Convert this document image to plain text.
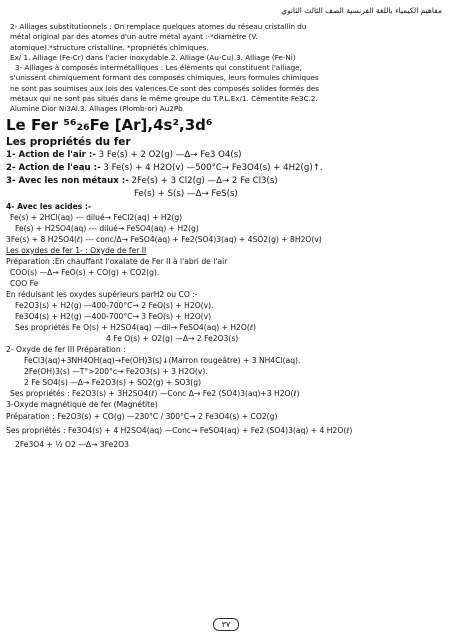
مفاهيم الكيمياء باللغة الفرنسية الصف الثالث الثانوي
2- Alliages substitutionnels : On remplace quelques atomes du réseau cristallin du
métal original par des atomes d'un autre métal ayant :-*diamètre (V.
atomique).*structure cristalline. *propriétés chimiques.
Ex/ 1. Alliage (Fe-Cr) dans l'acier inoxydable.2. Alliage (Au-Cu).3. Alliage (Fe-Ni)
3- Alliages à composés intermétalliques : Les éléments qui constituent l'alliage,
s'unissent chimiquement formant des composés chimiques, leurs formules chimiques
ne sont pas soumises aux lois des valences.Ce sont des composés solides formés des
métaux qui ne sont pas situés dans le même groupe du T.P.L.Ex/1. Cémentite Fe3C.2.
Alumine Dior Ni3Al.3. Alliages (Plomb-or) Au2Pb
Le Fer ⁵⁶₂₆Fe [Ar],4s²,3d⁶
Les propriétés du fer
1- Action de l'air :- 3 Fe(s) + 2 O2(g) —Δ→ Fe3 O4(s)
2- Action de l'eau :- 3 Fe(s) + 4 H2O(v) —500°C→ Fe3O4(s) + 4H2(g)↑.
3- Avec les non métaux :- 2Fe(s) + 3 Cl2(g) —Δ→ 2 Fe Cl3(s)
Fe(s) + S(s) —Δ→ FeS(s)
4- Avec les acides :-
Fe(s) + 2HCl(aq) --- dilué→ FeCl2(aq) + H2(g)
Fe(s) + H2SO4(aq) --- dilué→ FeSO4(aq) + H2(g)
3Fe(s) + 8 H2SO4(ℓ) --- conc/Δ→ FeSO4(aq) + Fe2(SO4)3(aq) + 4SO2(g) + 8H2O(v)
Les oxydes de fer 1- : Oxyde de fer II
Préparation :En chauffant l'oxalate de Fer II à l'abri de l'air
COO(s) —Δ→ FeO(s) + CO(g) + CO2(g).
COO Fe
En réduisant les oxydes supérieurs parH2 ou CO :-
Fe2O3(s) + H2(g) —400-700°C→ 2 FeO(s) + H2O(v).
Fe3O4(s) + H2(g) —400-700°C→ 3 FeO(s) + H2O(v)
Ses propriétés Fe O(s) + H2SO4(aq) —dil→ FeSO4(aq) + H2O(ℓ)
4 Fe O(s) + O2(g) —Δ→ 2 Fe2O3(s)
2- Oxyde de fer III Préparation :
FeCl3(aq)+3NH4OH(aq)→Fe(OH)3(s)↓(Marron rougeâtre) + 3 NH4Cl(aq).
2Fe(OH)3(s) —T°>200°c→ Fe2O3(s) + 3 H2O(v).
2 Fe SO4(s) —Δ→ Fe2O3(s) + SO2(g) + SO3(g)
Ses propriétés : Fe2O3(s) + 3H2SO4(ℓ) —Conc Δ→ Fe2 (SO4)3(aq)+3 H2O(ℓ)
3-Oxyde magnétique de fer (Magnétite)
Préparation : Fe2O3(s) + CO(g) —230°C / 300°C→ 2 Fe3O4(s) + CO2(g)
Ses propriétés : Fe3O4(s) + 4 H2SO4(aq) —Conc→ FeSO4(aq) + Fe2 (SO4)3(aq) + 4 H2O(ℓ)
2Fe3O4 + ½ O2 —Δ→ 3Fe2O3
٣٧
